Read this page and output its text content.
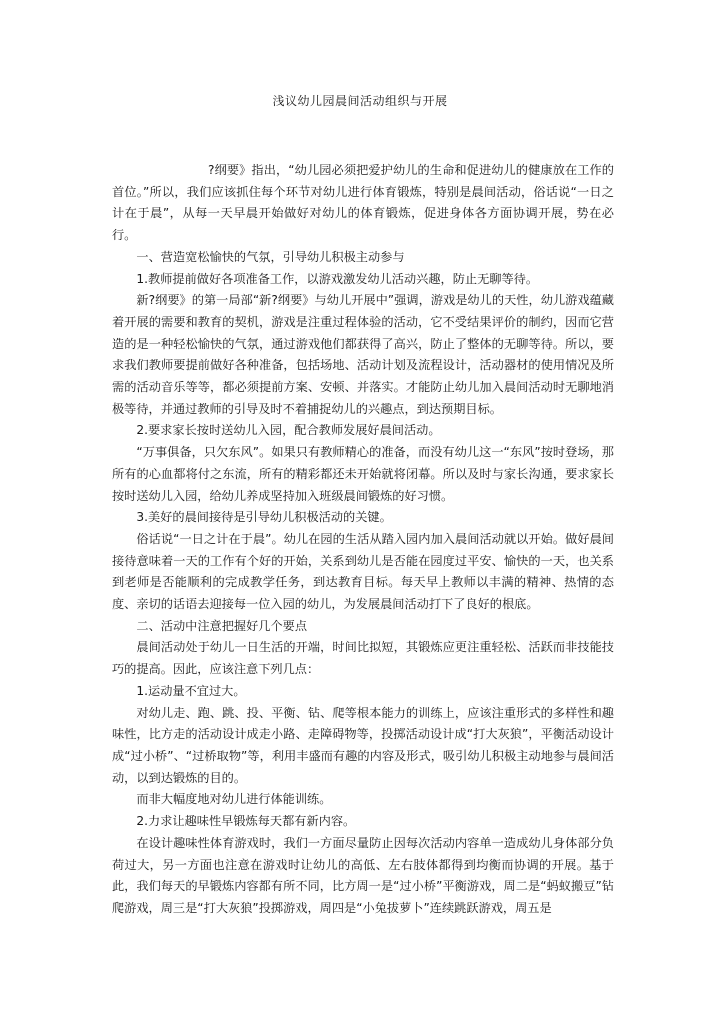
浅议幼儿园晨间活动组织与开展

?纲要》指出，“幼儿园必须把爱护幼儿的生命和促进幼儿的健康放在工作的首位。”所以，我们应该抓住每个环节对幼儿进行体育锻炼，特别是晨间活动，俗话说“一日之计在于晨”，从每一天早晨开始做好对幼儿的体育锻炼，促进身体各方面协调开展，势在必行。

一、营造宽松愉快的气氛，引导幼儿积极主动参与

1.教师提前做好各项准备工作，以游戏激发幼儿活动兴趣，防止无聊等待。

新?纲要》的第一局部“新?纲要》与幼儿开展中”强调，游戏是幼儿的天性，幼儿游戏蕴藏着开展的需要和教育的契机，游戏是注重过程体验的活动，它不受结果评价的制约，因而它营造的是一种轻松愉快的气氛，通过游戏他们都获得了高兴，防止了整体的无聊等待。所以，要求我们教师要提前做好各种准备，包括场地、活动计划及流程设计，活动器材的使用情况及所需的活动音乐等等，都必须提前方案、安顿、并落实。才能防止幼儿加入晨间活动时无聊地消极等待，并通过教师的引导及时不着捕捉幼儿的兴趣点，到达预期目标。

2.要求家长按时送幼儿入园，配合教师发展好晨间活动。

“万事俱备，只欠东风”。如果只有教师精心的准备，而没有幼儿这一“东风”按时登场，那所有的心血都将付之东流，所有的精彩都还未开始就将闭幕。所以及时与家长沟通，要求家长按时送幼儿入园，给幼儿养成坚持加入班级晨间锻炼的好习惯。

3.美好的晨间接待是引导幼儿积极活动的关键。

俗话说“一日之计在于晨”。幼儿在园的生活从踏入园内加入晨间活动就以开始。做好晨间接待意味着一天的工作有个好的开始，关系到幼儿是否能在园度过平安、愉快的一天，也关系到老师是否能顺利的完成教学任务，到达教育目标。每天早上教师以丰满的精神、热情的态度、亲切的话语去迎接每一位入园的幼儿，为发展晨间活动打下了良好的根底。

二、活动中注意把握好几个要点

晨间活动处于幼儿一日生活的开端，时间比拟短，其锻炼应更注重轻松、活跃而非技能技巧的提高。因此，应该注意下列几点：

1.运动量不宜过大。

对幼儿走、跑、跳、投、平衡、钻、爬等根本能力的训练上，应该注重形式的多样性和趣味性，比方走的活动设计成走小路、走障碍物等，投掷活动设计成“打大灰狼”，平衡活动设计成“过小桥”、“过桥取物”等，利用丰盛而有趣的内容及形式，吸引幼儿积极主动地参与晨间活动，以到达锻炼的目的。

而非大幅度地对幼儿进行体能训练。

2.力求让趣味性早锻炼每天都有新内容。

在设计趣味性体育游戏时，我们一方面尽量防止因每次活动内容单一造成幼儿身体部分负荷过大，另一方面也注意在游戏时让幼儿的高低、左右肢体都得到均衡而协调的开展。基于此，我们每天的早锻炼内容都有所不同，比方周一是“过小桥”平衡游戏，周二是“蚂蚁搬豆”钻爬游戏，周三是“打大灰狼”投掷游戏，周四是“小兔拔萝卜”连续跳跃游戏，周五是
